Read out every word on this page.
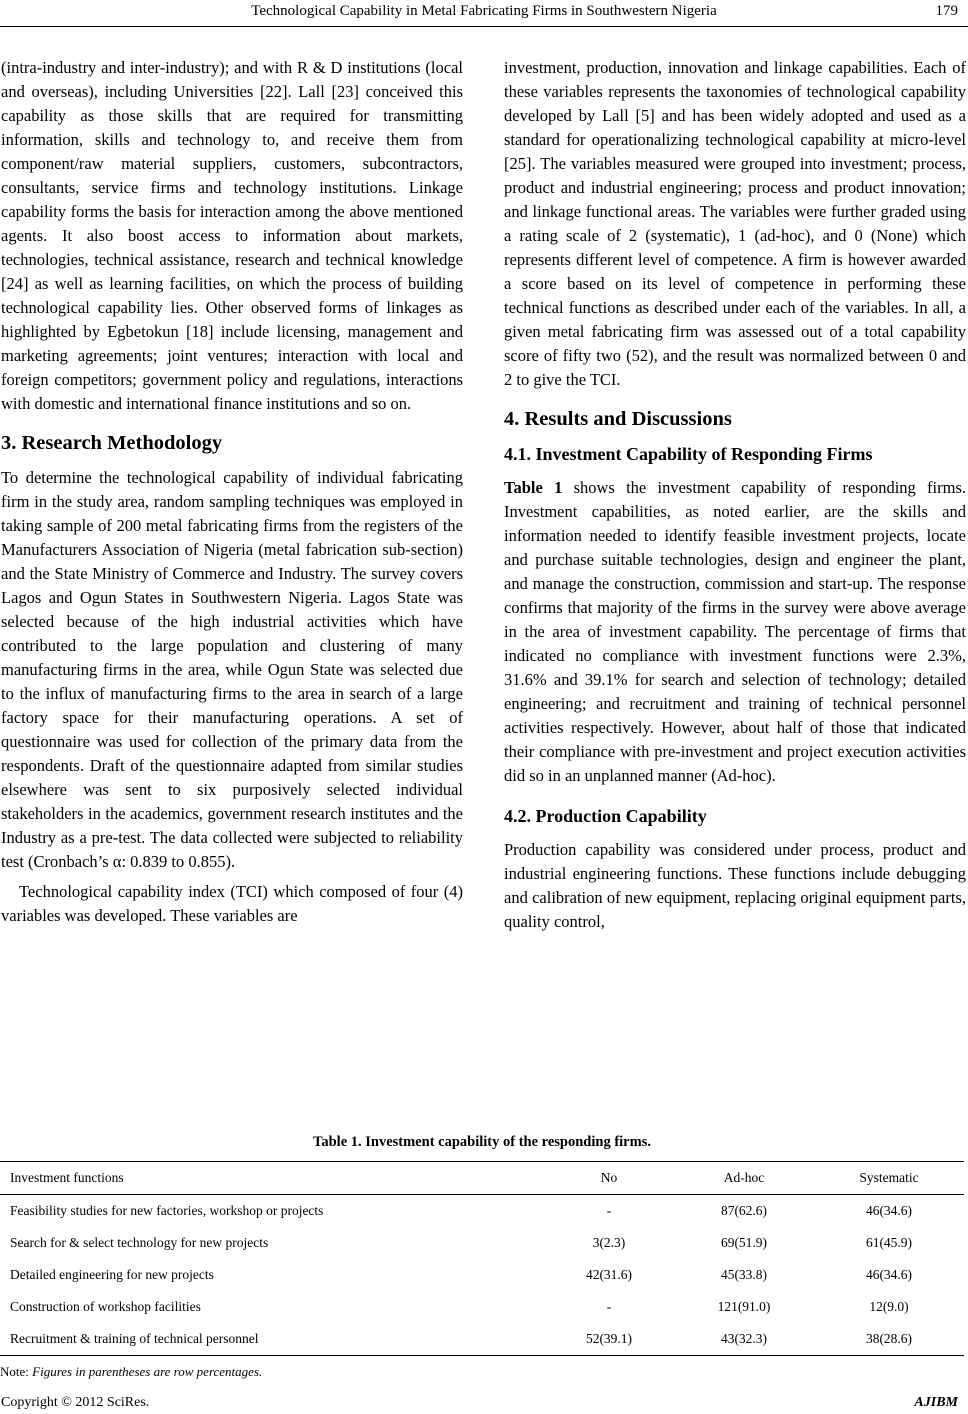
Technological Capability in Metal Fabricating Firms in Southwestern Nigeria	179

(intra-industry and inter-industry); and with R & D institutions (local and overseas), including Universities [22]. Lall [23] conceived this capability as those skills that are required for transmitting information, skills and technology to, and receive them from component/raw material suppliers, customers, subcontractors, consultants, service firms and technology institutions. Linkage capability forms the basis for interaction among the above mentioned agents. It also boost access to information about markets, technologies, technical assistance, research and technical knowledge [24] as well as learning facilities, on which the process of building technological capability lies. Other observed forms of linkages as highlighted by Egbetokun [18] include licensing, management and marketing agreements; joint ventures; interaction with local and foreign competitors; government policy and regulations, interactions with domestic and international finance institutions and so on.

3. Research Methodology

To determine the technological capability of individual fabricating firm in the study area, random sampling techniques was employed in taking sample of 200 metal fabricating firms from the registers of the Manufacturers Association of Nigeria (metal fabrication sub-section) and the State Ministry of Commerce and Industry. The survey covers Lagos and Ogun States in Southwestern Nigeria. Lagos State was selected because of the high industrial activities which have contributed to the large population and clustering of many manufacturing firms in the area, while Ogun State was selected due to the influx of manufacturing firms to the area in search of a large factory space for their manufacturing operations. A set of questionnaire was used for collection of the primary data from the respondents. Draft of the questionnaire adapted from similar studies elsewhere was sent to six purposively selected individual stakeholders in the academics, government research institutes and the Industry as a pre-test. The data collected were subjected to reliability test (Cronbach’s α: 0.839 to 0.855).

Technological capability index (TCI) which composed of four (4) variables was developed. These variables are

investment, production, innovation and linkage capabilities. Each of these variables represents the taxonomies of technological capability developed by Lall [5] and has been widely adopted and used as a standard for operationalizing technological capability at micro-level [25]. The variables measured were grouped into investment; process, product and industrial engineering; process and product innovation; and linkage functional areas. The variables were further graded using a rating scale of 2 (systematic), 1 (ad-hoc), and 0 (None) which represents different level of competence. A firm is however awarded a score based on its level of competence in performing these technical functions as described under each of the variables. In all, a given metal fabricating firm was assessed out of a total capability score of fifty two (52), and the result was normalized between 0 and 2 to give the TCI.

4. Results and Discussions
4.1. Investment Capability of Responding Firms

Table 1 shows the investment capability of responding firms. Investment capabilities, as noted earlier, are the skills and information needed to identify feasible investment projects, locate and purchase suitable technologies, design and engineer the plant, and manage the construction, commission and start-up. The response confirms that majority of the firms in the survey were above average in the area of investment capability. The percentage of firms that indicated no compliance with investment functions were 2.3%, 31.6% and 39.1% for search and selection of technology; detailed engineering; and recruitment and training of technical personnel activities respectively. However, about half of those that indicated their compliance with pre-investment and project execution activities did so in an unplanned manner (Ad-hoc).

4.2. Production Capability

Production capability was considered under process, product and industrial engineering functions. These functions include debugging and calibration of new equipment, replacing original equipment parts, quality control,

Table 1. Investment capability of the responding firms.
Investment functions	No	Ad-hoc	Systematic
Feasibility studies for new factories, workshop or projects	-	87(62.6)	46(34.6)
Search for & select technology for new projects	3(2.3)	69(51.9)	61(45.9)
Detailed engineering for new projects	42(31.6)	45(33.8)	46(34.6)
Construction of workshop facilities	-	121(91.0)	12(9.0)
Recruitment & training of technical personnel	52(39.1)	43(32.3)	38(28.6)
Note: Figures in parentheses are row percentages.
Copyright © 2012 SciRes.	AJIBM
